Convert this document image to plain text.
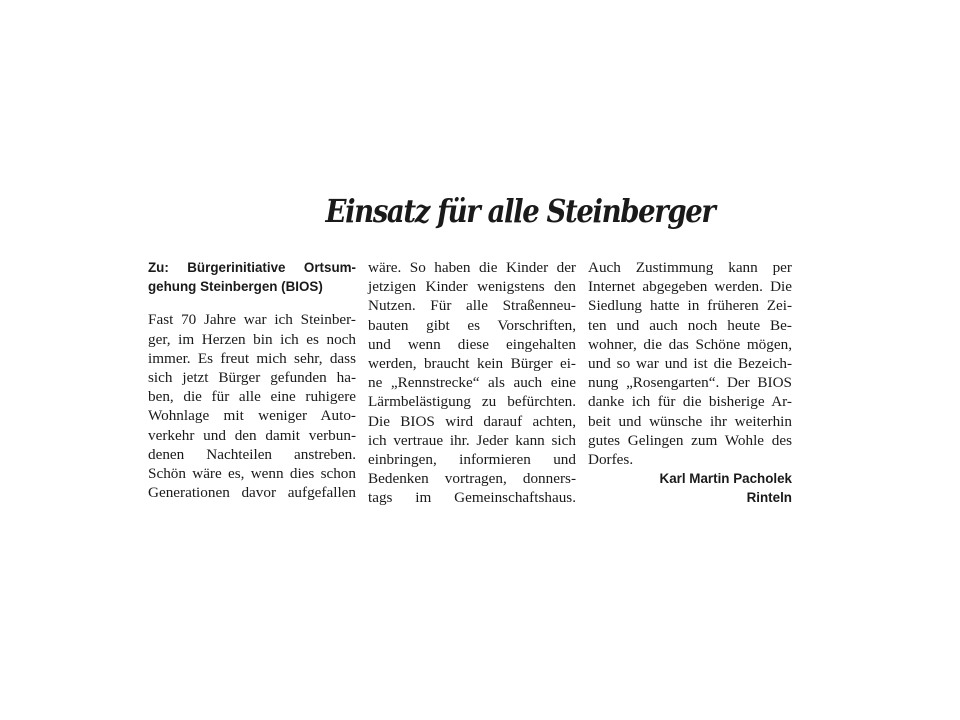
Einsatz für alle Steinberger
Zu: Bürgerinitiative Ortsum-
gehung Steinbergen (BIOS)
Fast 70 Jahre war ich Steinber-
ger, im Herzen bin ich es noch
immer. Es freut mich sehr, dass
sich jetzt Bürger gefunden ha-
ben, die für alle eine ruhigere
Wohnlage mit weniger Auto-
verkehr und den damit verbun-
denen Nachteilen anstreben.
Schön wäre es, wenn dies schon
Generationen davor aufgefallen
wäre. So haben die Kinder der
jetzigen Kinder wenigstens den
Nutzen. Für alle Straßenneu-
bauten gibt es Vorschriften,
und wenn diese eingehalten
werden, braucht kein Bürger ei-
ne „Rennstrecke“ als auch eine
Lärmbelästigung zu befürchten.
Die BIOS wird darauf achten,
ich vertraue ihr. Jeder kann sich
einbringen, informieren und
Bedenken vortragen, donners-
tags im Gemeinschaftshaus.
Auch Zustimmung kann per
Internet abgegeben werden. Die
Siedlung hatte in früheren Zei-
ten und auch noch heute Be-
wohner, die das Schöne mögen,
und so war und ist die Bezeich-
nung „Rosengarten“. Der BIOS
danke ich für die bisherige Ar-
beit und wünsche ihr weiterhin
gutes Gelingen zum Wohle des
Dorfes.
Karl Martin Pacholek
Rinteln
